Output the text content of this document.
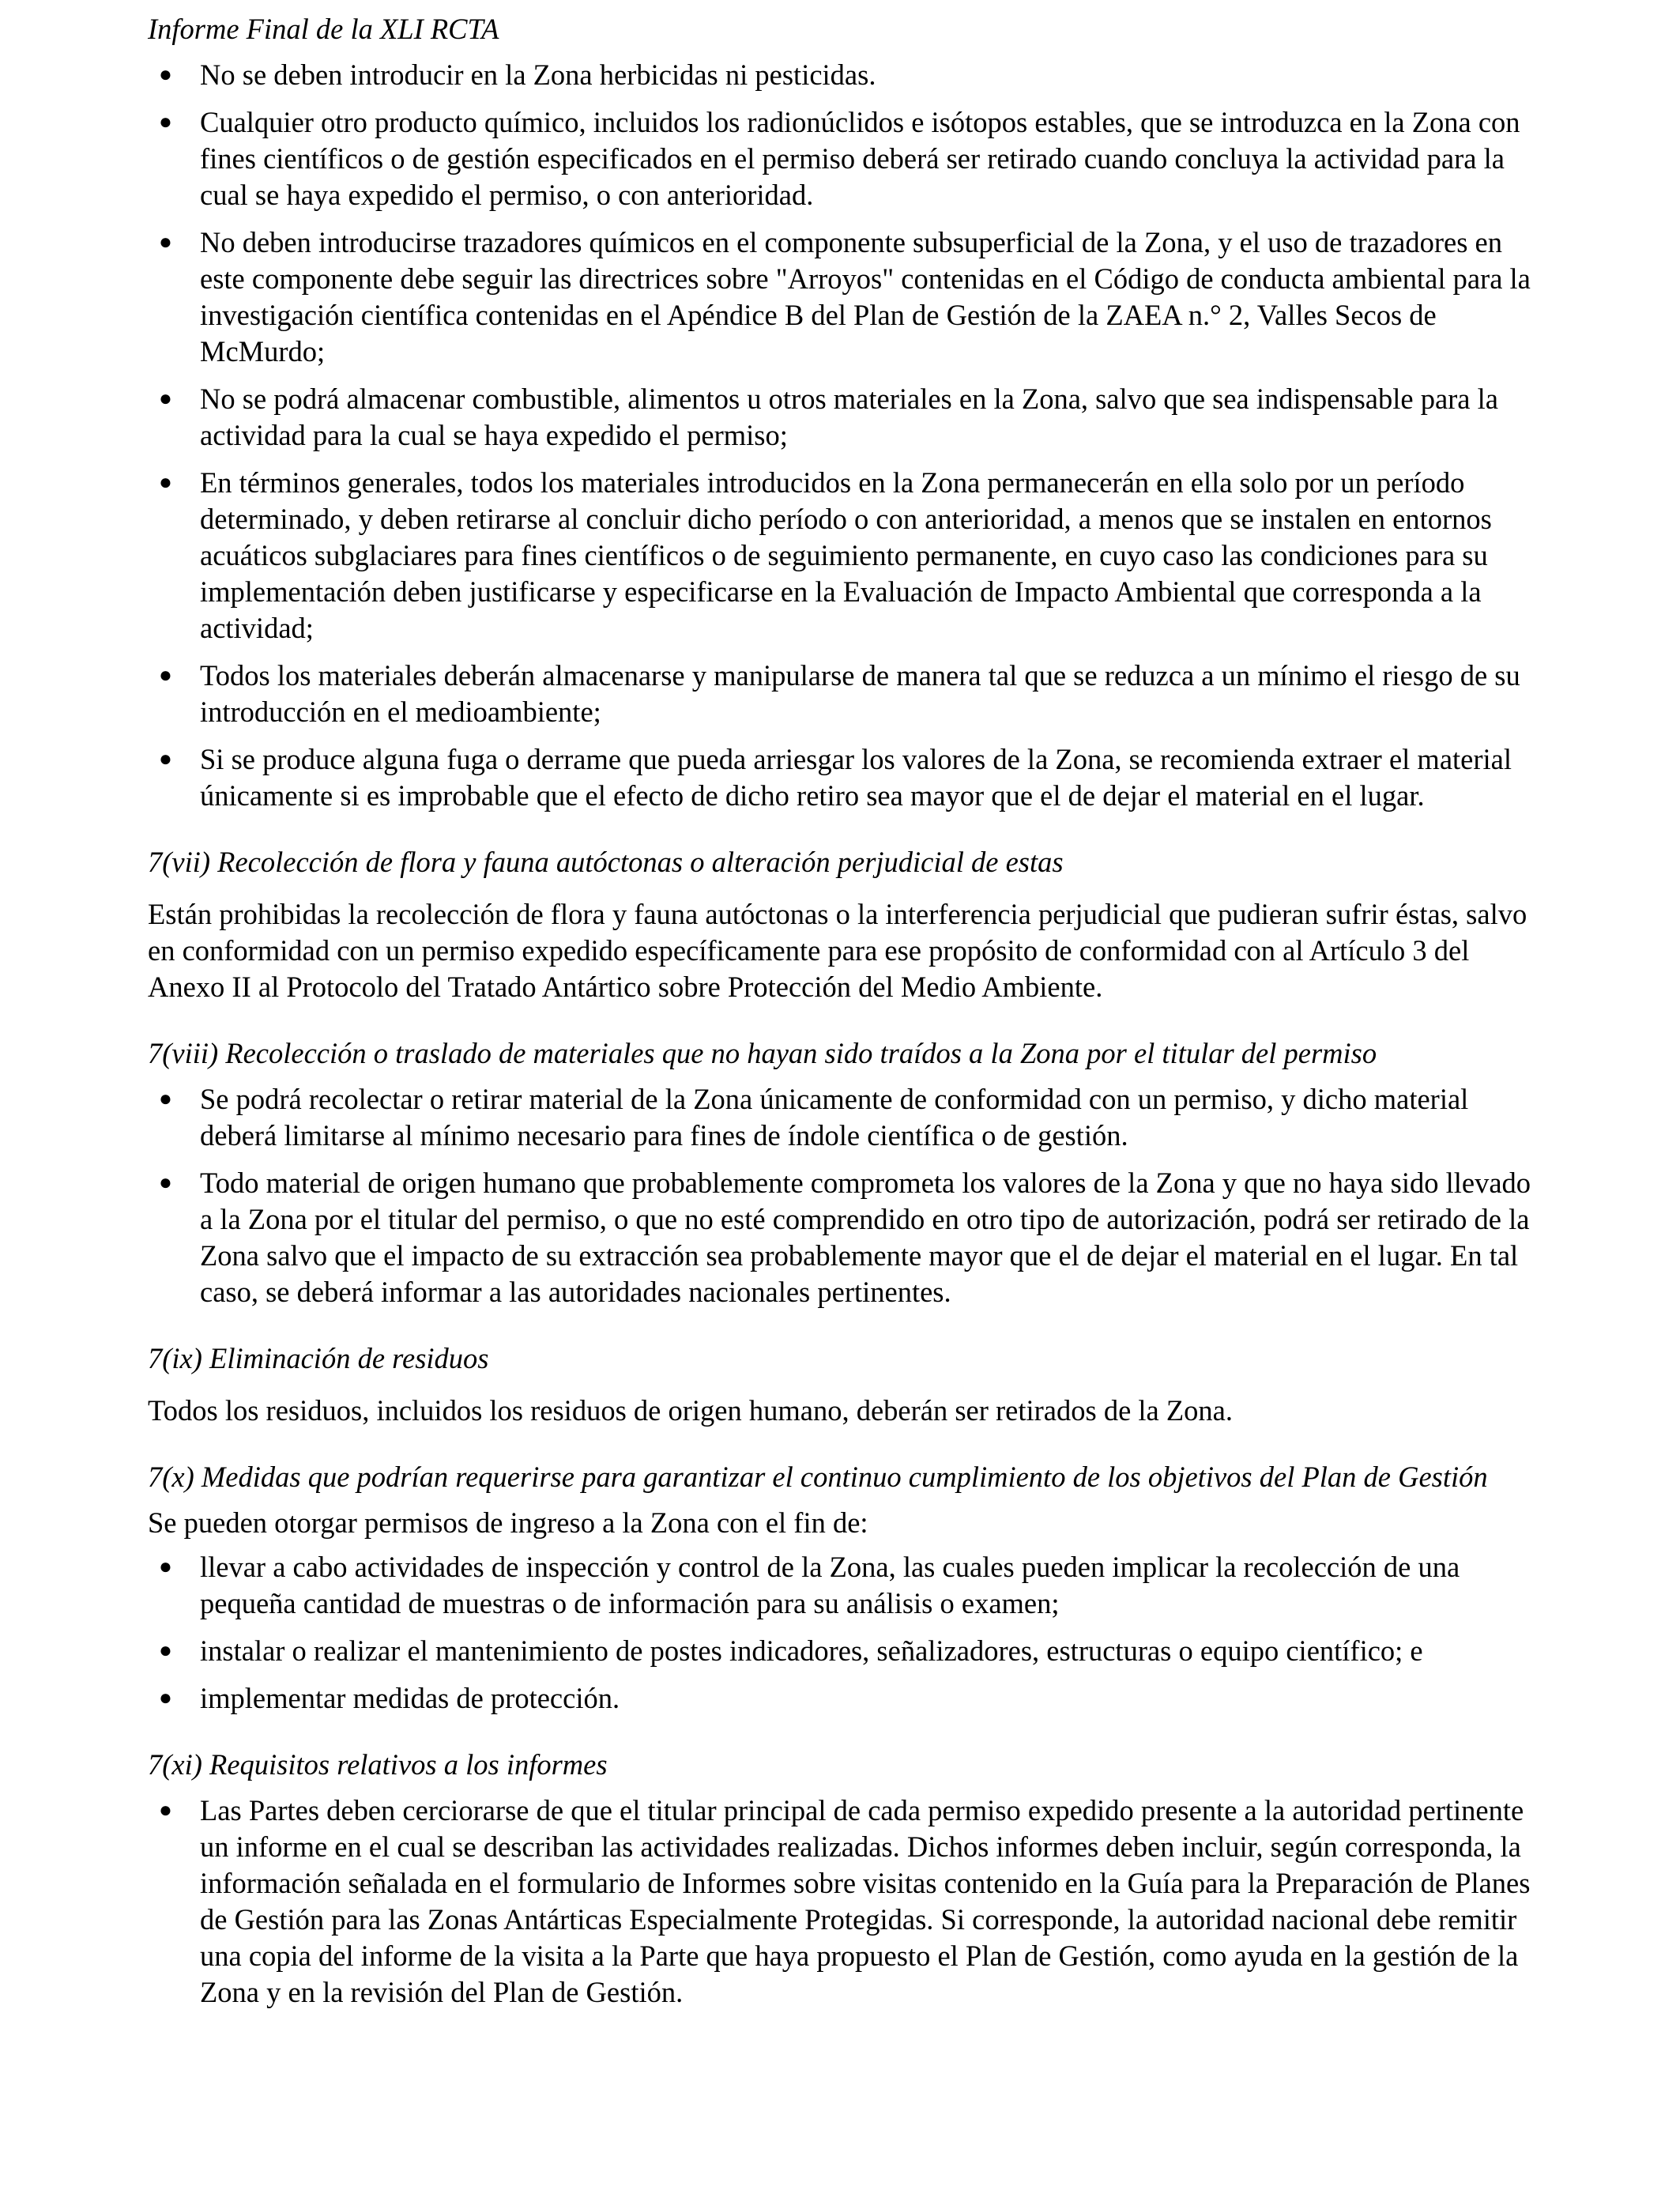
Informe Final de la XLI RCTA
● No se deben introducir en la Zona herbicidas ni pesticidas.
● Cualquier otro producto químico, incluidos los radionúclidos e isótopos estables, que se introduzca en la Zona con fines científicos o de gestión especificados en el permiso deberá ser retirado cuando concluya la actividad para la cual se haya expedido el permiso, o con anterioridad.
● No deben introducirse trazadores químicos en el componente subsuperficial de la Zona, y el uso de trazadores en este componente debe seguir las directrices sobre "Arroyos" contenidas en el Código de conducta ambiental para la investigación científica contenidas en el Apéndice B del Plan de Gestión de la ZAEA n.° 2, Valles Secos de McMurdo;
● No se podrá almacenar combustible, alimentos u otros materiales en la Zona, salvo que sea indispensable para la actividad para la cual se haya expedido el permiso;
● En términos generales, todos los materiales introducidos en la Zona permanecerán en ella solo por un período determinado, y deben retirarse al concluir dicho período o con anterioridad, a menos que se instalen en entornos acuáticos subglaciares para fines científicos o de seguimiento permanente, en cuyo caso las condiciones para su implementación deben justificarse y especificarse en la Evaluación de Impacto Ambiental que corresponda a la actividad;
● Todos los materiales deberán almacenarse y manipularse de manera tal que se reduzca a un mínimo el riesgo de su introducción en el medioambiente;
● Si se produce alguna fuga o derrame que pueda arriesgar los valores de la Zona, se recomienda extraer el material únicamente si es improbable que el efecto de dicho retiro sea mayor que el de dejar el material en el lugar.
7(vii) Recolección de flora y fauna autóctonas o alteración perjudicial de estas
Están prohibidas la recolección de flora y fauna autóctonas o la interferencia perjudicial que pudieran sufrir éstas, salvo en conformidad con un permiso expedido específicamente para ese propósito de conformidad con al Artículo 3 del Anexo II al Protocolo del Tratado Antártico sobre Protección del Medio Ambiente.
7(viii) Recolección o traslado de materiales que no hayan sido traídos a la Zona por el titular del permiso
● Se podrá recolectar o retirar material de la Zona únicamente de conformidad con un permiso, y dicho material deberá limitarse al mínimo necesario para fines de índole científica o de gestión.
● Todo material de origen humano que probablemente comprometa los valores de la Zona y que no haya sido llevado a la Zona por el titular del permiso, o que no esté comprendido en otro tipo de autorización, podrá ser retirado de la Zona salvo que el impacto de su extracción sea probablemente mayor que el de dejar el material en el lugar. En tal caso, se deberá informar a las autoridades nacionales pertinentes.
7(ix) Eliminación de residuos
Todos los residuos, incluidos los residuos de origen humano, deberán ser retirados de la Zona.
7(x) Medidas que podrían requerirse para garantizar el continuo cumplimiento de los objetivos del Plan de Gestión
Se pueden otorgar permisos de ingreso a la Zona con el fin de:
● llevar a cabo actividades de inspección y control de la Zona, las cuales pueden implicar la recolección de una pequeña cantidad de muestras o de información para su análisis o examen;
● instalar o realizar el mantenimiento de postes indicadores, señalizadores, estructuras o equipo científico; e
● implementar medidas de protección.
7(xi) Requisitos relativos a los informes
● Las Partes deben cerciorarse de que el titular principal de cada permiso expedido presente a la autoridad pertinente un informe en el cual se describan las actividades realizadas. Dichos informes deben incluir, según corresponda, la información señalada en el formulario de Informes sobre visitas contenido en la Guía para la Preparación de Planes de Gestión para las Zonas Antárticas Especialmente Protegidas. Si corresponde, la autoridad nacional debe remitir una copia del informe de la visita a la Parte que haya propuesto el Plan de Gestión, como ayuda en la gestión de la Zona y en la revisión del Plan de Gestión.
